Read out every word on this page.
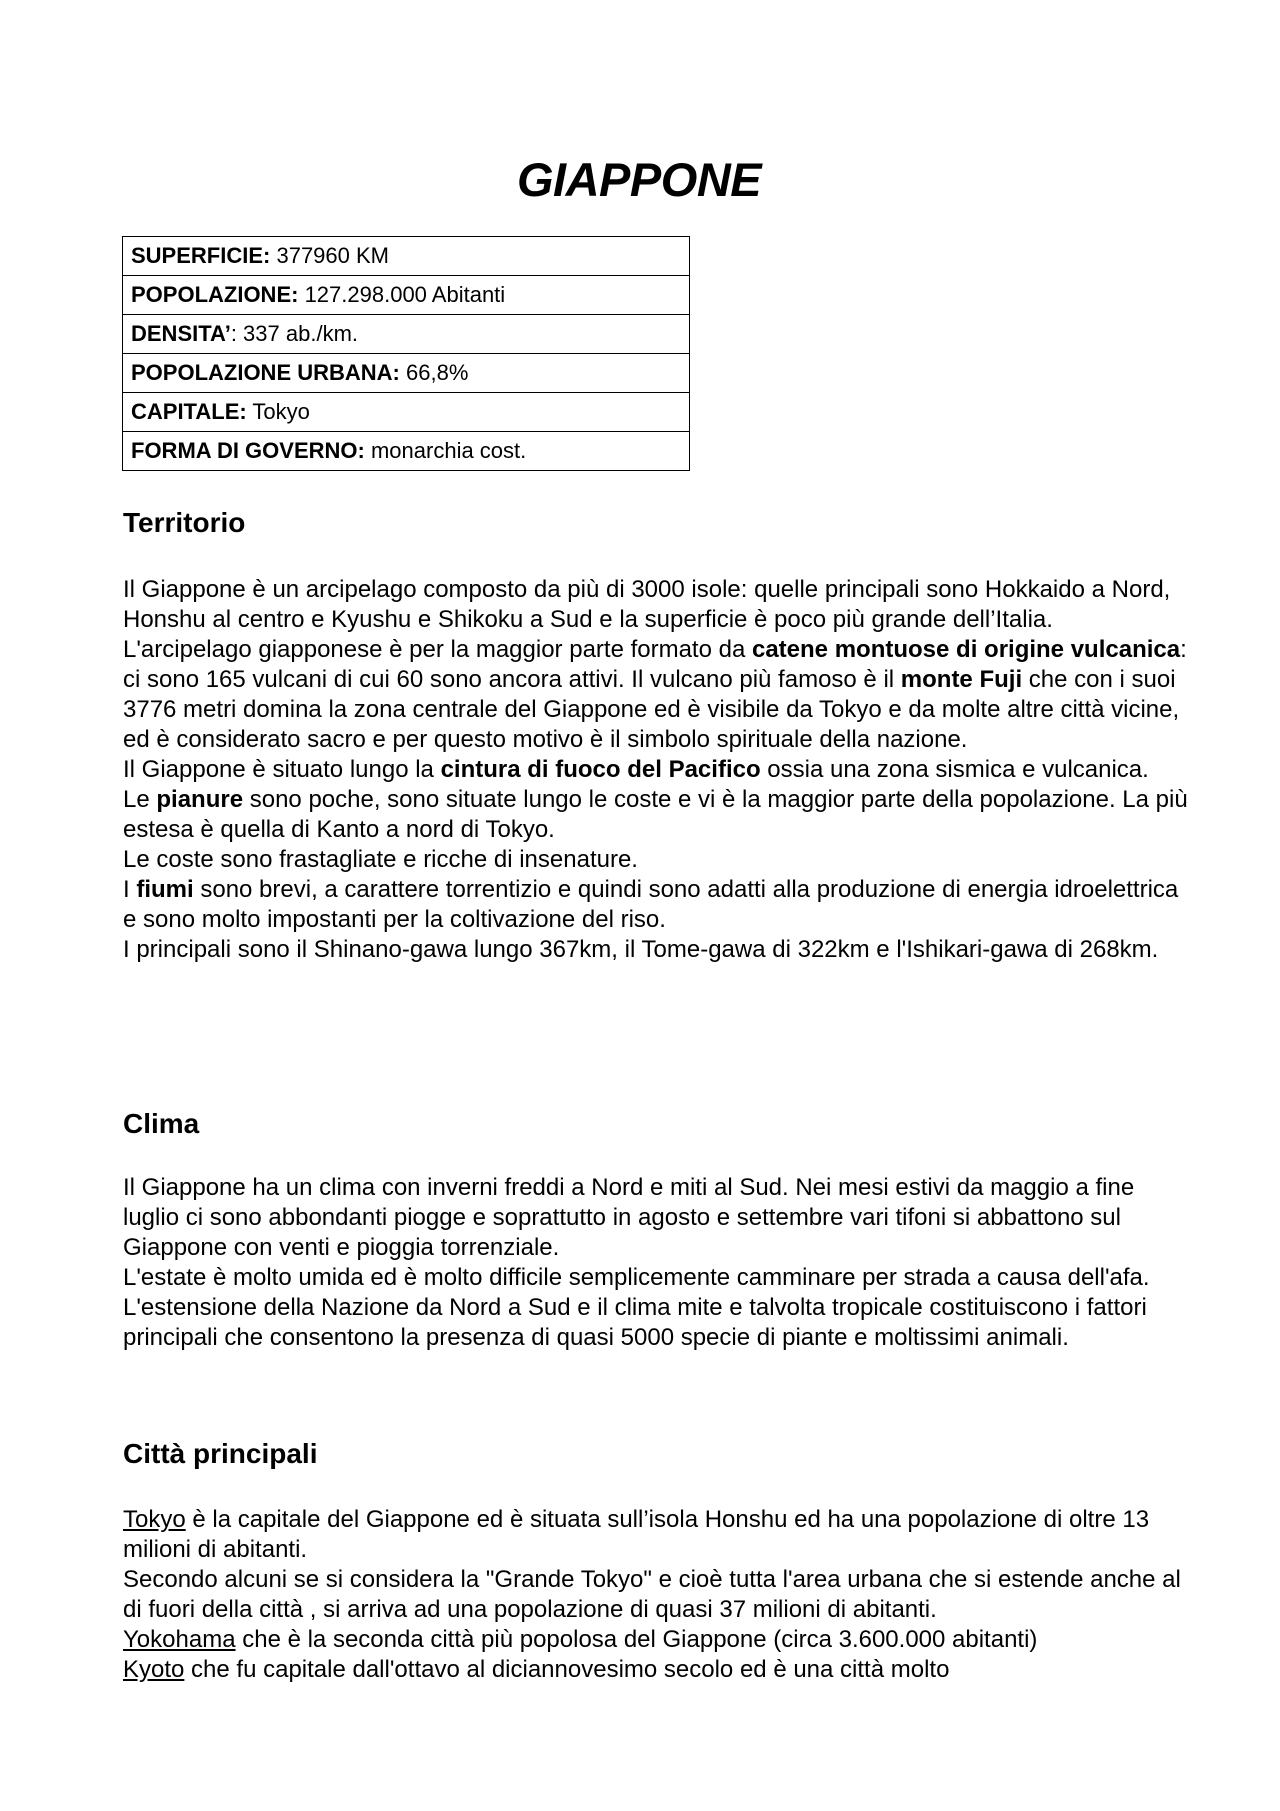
GIAPPONE
SUPERFICIE: 377960 KM
POPOLAZIONE: 127.298.000 Abitanti
DENSITA’: 337 ab./km.
POPOLAZIONE URBANA: 66,8%
CAPITALE: Tokyo
FORMA DI GOVERNO: monarchia cost.
Territorio

Il Giappone è un arcipelago composto da più di 3000 isole: quelle principali sono Hokkaido a Nord, Honshu al centro e Kyushu e Shikoku a Sud e la superficie è poco più grande dell’Italia.

L'arcipelago giapponese è per la maggior parte formato da catene montuose di origine vulcanica: ci sono 165 vulcani di cui 60 sono ancora attivi. Il vulcano più famoso è il monte Fuji che con i suoi 3776 metri domina la zona centrale del Giappone ed è visibile da Tokyo e da molte altre città vicine, ed è considerato sacro e per questo motivo è il simbolo spirituale della nazione.

Il Giappone è situato lungo la cintura di fuoco del Pacifico ossia una zona sismica e vulcanica.

Le pianure sono poche, sono situate lungo le coste e vi è la maggior parte della popolazione. La più estesa è quella di Kanto a nord di Tokyo.

Le coste sono frastagliate e ricche di insenature.

I fiumi sono brevi, a carattere torrentizio e quindi sono adatti alla produzione di energia idroelettrica e sono molto impostanti per la coltivazione del riso.

I principali sono il Shinano-gawa lungo 367km, il Tome-gawa di 322km e l'Ishikari-gawa di 268km.

Clima

Il Giappone ha un clima con inverni freddi a Nord e miti al Sud. Nei mesi estivi da maggio a fine luglio ci sono abbondanti piogge e soprattutto in agosto e settembre vari tifoni si abbattono sul Giappone con venti e pioggia torrenziale.

L'estate è molto umida ed è molto difficile semplicemente camminare per strada a causa dell'afa.

L'estensione della Nazione da Nord a Sud e il clima mite e talvolta tropicale costituiscono i fattori principali che consentono la presenza di quasi 5000 specie di piante e moltissimi animali.

Città principali

Tokyo è la capitale del Giappone ed è situata sull’isola Honshu ed ha una popolazione di oltre 13 milioni di abitanti.

Secondo alcuni se si considera la "Grande Tokyo" e cioè tutta l'area urbana che si estende anche al di fuori della città , si arriva ad una popolazione di quasi 37 milioni di abitanti.

Yokohama che è la seconda città più popolosa del Giappone (circa 3.600.000 abitanti)

Kyoto che fu capitale dall'ottavo al diciannovesimo secolo ed è una città molto
